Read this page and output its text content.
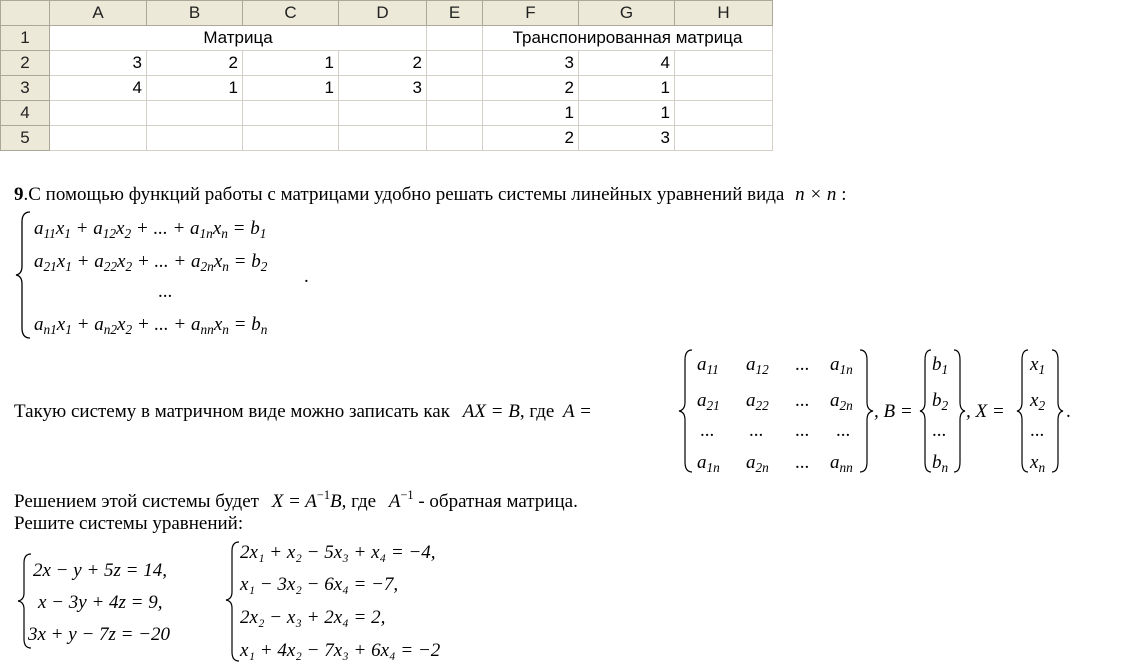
	A	B	C	D	E	F	G	H
1	Матрица					Транспонированная матрица		
2	3	2	1	2		3	4	
3	4	1	1	3		2	1	
4						1	1	
5						2	3	
9.С помощью функций работы с матрицами удобно решать системы линейных уравнений вида n × n :
$a_{11}x_1 + a_{12}x_2$ + ... + $a_{1n}x_n = b_1$
$a_{21}x_1 + a_{22}x_2$ + ... + $a_{2n}x_n = b_2$
...
.
$a_{n1}x_1 + a_{n2}x_2$ + ... + $a_{nn}x_n = b_n$
Такую систему в матричном виде можно записать как AX = B, где A =
$a_{11}$ $a_{12}$ ... $a_{1n}$
$a_{21}$ $a_{22}$ ... $a_{2n}$
... ... ... ...
$a_{1n}$ $a_{2n}$ ... $a_{nn}$
, B =
$b_1$
$b_2$
...
$b_n$
, X =
$x_1$
$x_2$
...
$x_n$
.
Решением этой системы будет $X = A^{-1}B$, где $A^{-1}$ - обратная матрица.
Решите системы уравнений:
2x − y + 5z = 14,
x − 3y + 4z = 9,
3x + y − 7z = −20
2x₁ + x₂ − 5x₃ + x₄ = −4,
x₁ − 3x₂ − 6x₄ = −7,
2x₂ − x₃ + 2x₄ = 2,
x₁ + 4x₂ − 7x₃ + 6x₄ = −2
